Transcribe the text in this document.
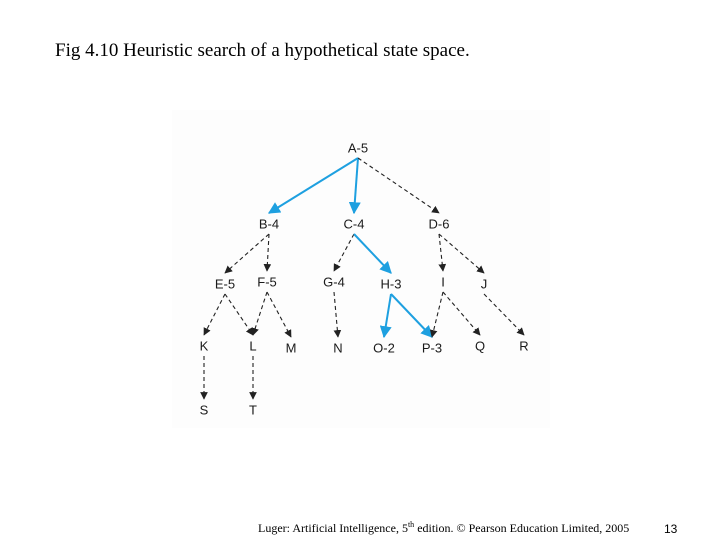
Fig 4.10 Heuristic search of a hypothetical state space.
A-5
B-4	C-4	D-6
E-5 F-5	G-4	H-3	I	J
K	L M	N O-2 P-3	Q	R
S	T
Luger: Artificial Intelligence, 5th edition. © Pearson Education Limited, 2005	13
